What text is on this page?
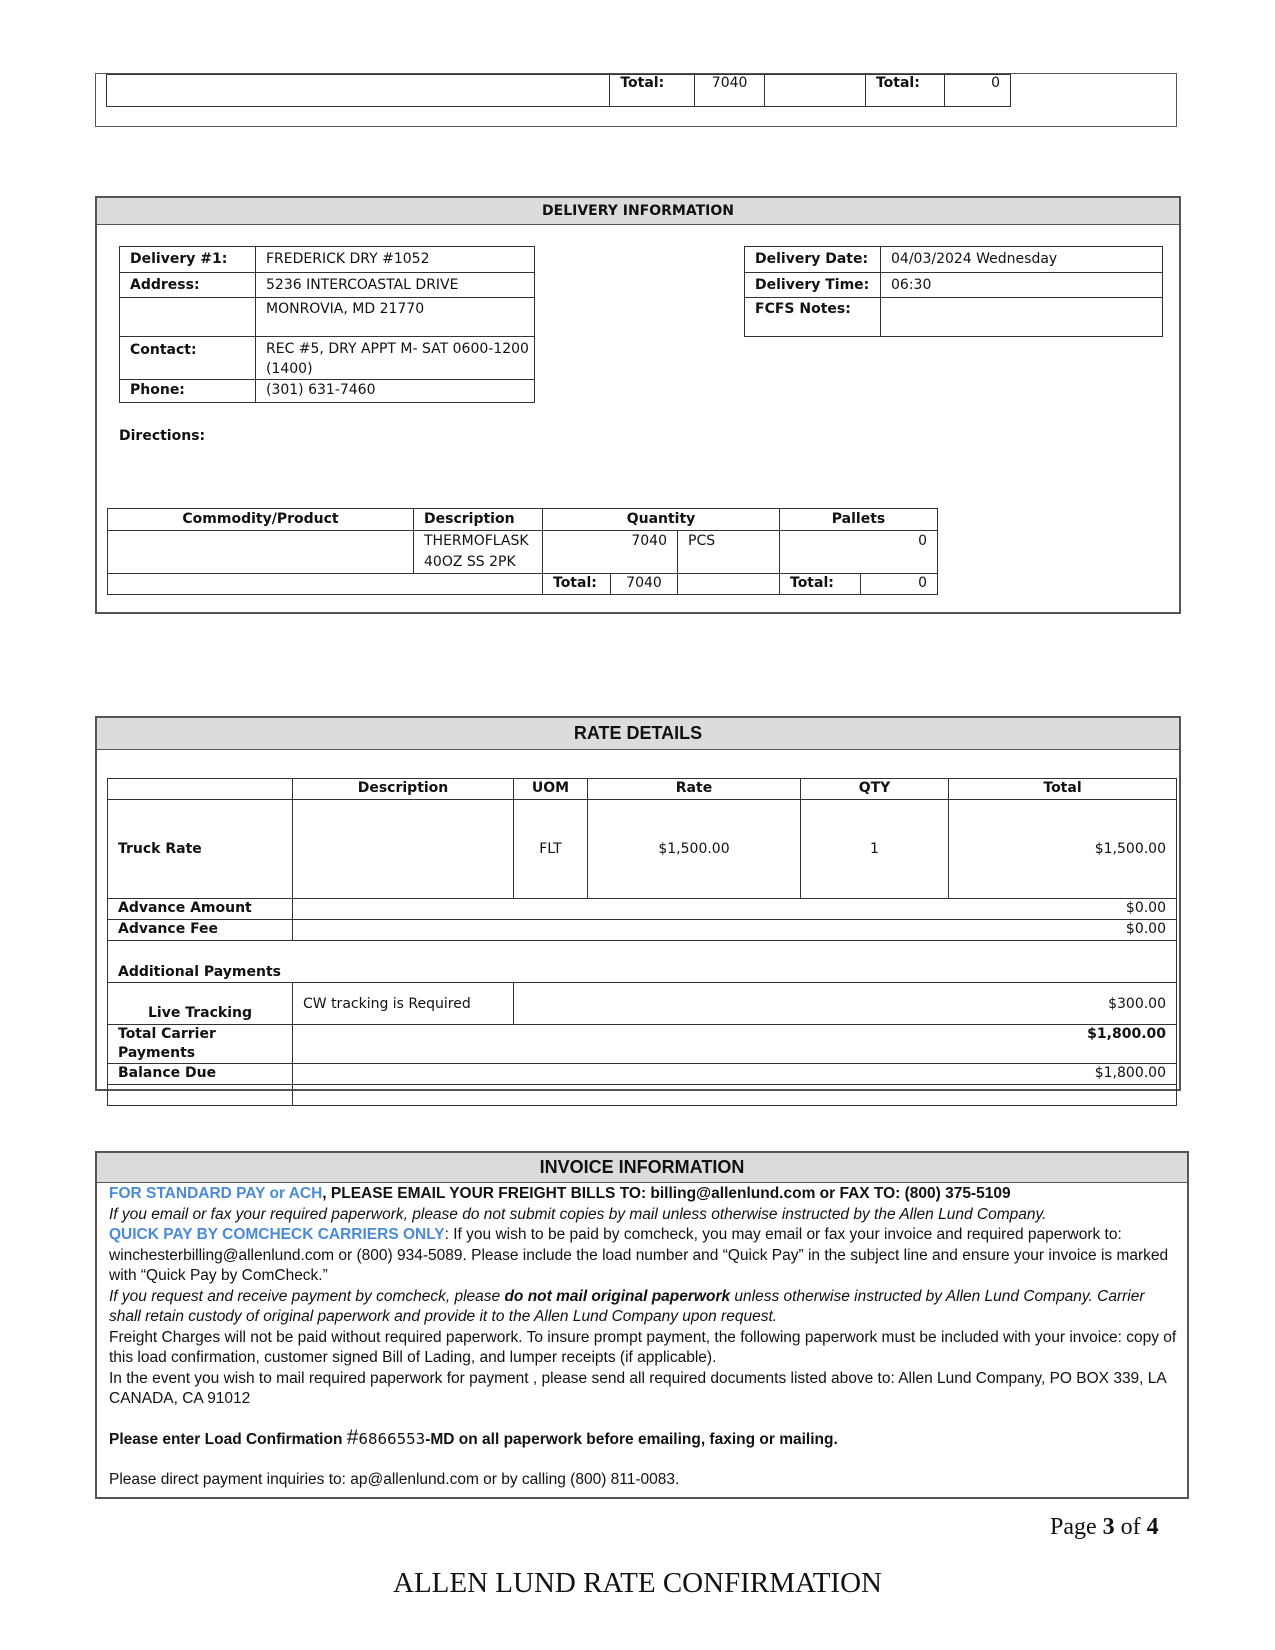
	Total:	7040		Total:	0
DELIVERY INFORMATION
Delivery #1:	FREDERICK DRY #1052
Address:	5236 INTERCOASTAL DRIVE
	MONROVIA, MD 21770
Contact:	REC #5, DRY APPT M- SAT 0600-1200 (1400)
Phone:	(301) 631-7460
Delivery Date:	04/03/2024 Wednesday
Delivery Time:	06:30
FCFS Notes:	
Directions:
Commodity/Product	Description	Quantity			Pallets	
	THERMOFLASK 40OZ SS 2PK	7040		PCS	0	
		Total:	7040		Total:	0
RATE DETAILS
	Description	UOM	Rate	QTY	Total
Truck Rate		FLT	$1,500.00	1	$1,500.00
Advance Amount	$0.00				
Advance Fee	$0.00				
Additional Payments					
Live Tracking	CW tracking is Required	$300.00			
Total Carrier Payments	$1,800.00				
Balance Due	$1,800.00				

INVOICE INFORMATION

FOR STANDARD PAY or ACH, PLEASE EMAIL YOUR FREIGHT BILLS TO: billing@allenlund.com or FAX TO: (800) 375-5109

If you email or fax your required paperwork, please do not submit copies by mail unless otherwise instructed by the Allen Lund Company.

QUICK PAY BY COMCHECK CARRIERS ONLY: If you wish to be paid by comcheck, you may email or fax your invoice and required paperwork to: winchesterbilling@allenlund.com or (800) 934-5089. Please include the load number and “Quick Pay” in the subject line and ensure your invoice is marked with “Quick Pay by ComCheck.”

If you request and receive payment by comcheck, please do not mail original paperwork unless otherwise instructed by Allen Lund Company. Carrier shall retain custody of original paperwork and provide it to the Allen Lund Company upon request.

Freight Charges will not be paid without required paperwork. To insure prompt payment, the following paperwork must be included with your invoice: copy of this load confirmation, customer signed Bill of Lading, and lumper receipts (if applicable).

In the event you wish to mail required paperwork for payment , please send all required documents listed above to: Allen Lund Company, PO BOX 339, LA CANADA, CA 91012

Please enter Load Confirmation #6866553-MD on all paperwork before emailing, faxing or mailing.

Please direct payment inquiries to: ap@allenlund.com or by calling (800) 811-0083.

Page 3 of 4
ALLEN LUND RATE CONFIRMATION
